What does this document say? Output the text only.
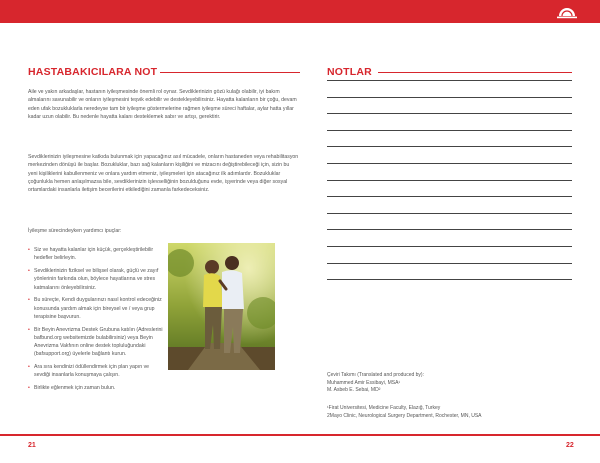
HASTABAKICILARA NOT
Aile ve yakın arkadaşlar, hastanın iyileşmesinde önemli rol oynar. Sevdiklerinizin gözü kulağı olabilir, iyi bakım almalarını savunabilir ve onların iyileşmesini teşvik edebilir ve destekleyebilirsiniz. Hayatta kalanların bir çoğu, devam eden ufak bozukluklarla neredeyse tam bir iyileşme göstermelerine rağmen iyileşme süreci haftalar, aylar hatta yıllar kadar uzun olabilir. Bu nedenle hayatta kalanı desteklemek sabır ve artışı, gerektirir.
Sevdiklerinizin iyileşmesine katkıda bulunmak için yapacağınız asıl mücadele, onların hastaneden veya rehabilitasyon merkezinden dönüşü ile başlar. Bozukluklar, bazı sağ kalanların kişiliğini ve mizacını değiştirebileceği için, sizin bu yeni kişiliklerini kabullenmeniz ve onlara yardım etmeniz, iyileşmeleri için atacağınız ilk adımlardır. Bozukluklar çoğunlukla hemen anlaşılmazsa bile, sevdiklerinizin işlevselliğinin bozulduğunu evde, işyerinde veya diğer sosyal ortamlardaki insanlarla iletişim becerilerini etkilediğini zamanla farkedeceksiniz.
İyileşme sürecindeyken yardımcı ipuçlar:
• Siz ve hayatta kalanlar için küçük, gerçekleştirilebilir hedefler belirleyin.
• Sevdiklerinizin fiziksel ve bilişsel olarak, güçlü ve zayıf yönlerinin farkında olun, böylece hayatlarına ve stres katmalarını önleyebilirsiniz.
• Bu süreçte, Kendi duygularınızı nasıl kontrol edeceğiniz konusunda yardım almak için bireysel ve / veya grup terapisine başvurun.
• Bir Beyin Anevrizma Destek Grubuna katılın (Adreslerini bafbund.org websitemizde bulabilirsiniz) veya Beyin Anevrizma Vakfının online destek topluluğundaki (bafsupport.org) üyelerle bağlantı kurun.
• Ara sıra kendinizi ödüllendirmek için plan yapın ve sevdiği insanlarla konuşmaya çalışın.
• Birlikte eğlenmek için zaman bulun.
NOTLAR

Çeviri Takımı (Translated and produced by):

Muhammed Amir Essibayi, MSA¹

M. Asbeb E. Sebai, MD²

¹Firat Universitesi, Medicine Faculty, Elazığ, Turkey

2Mayo Clinic, Neurological Surgery Department, Rochester, MN, USA

21	22
